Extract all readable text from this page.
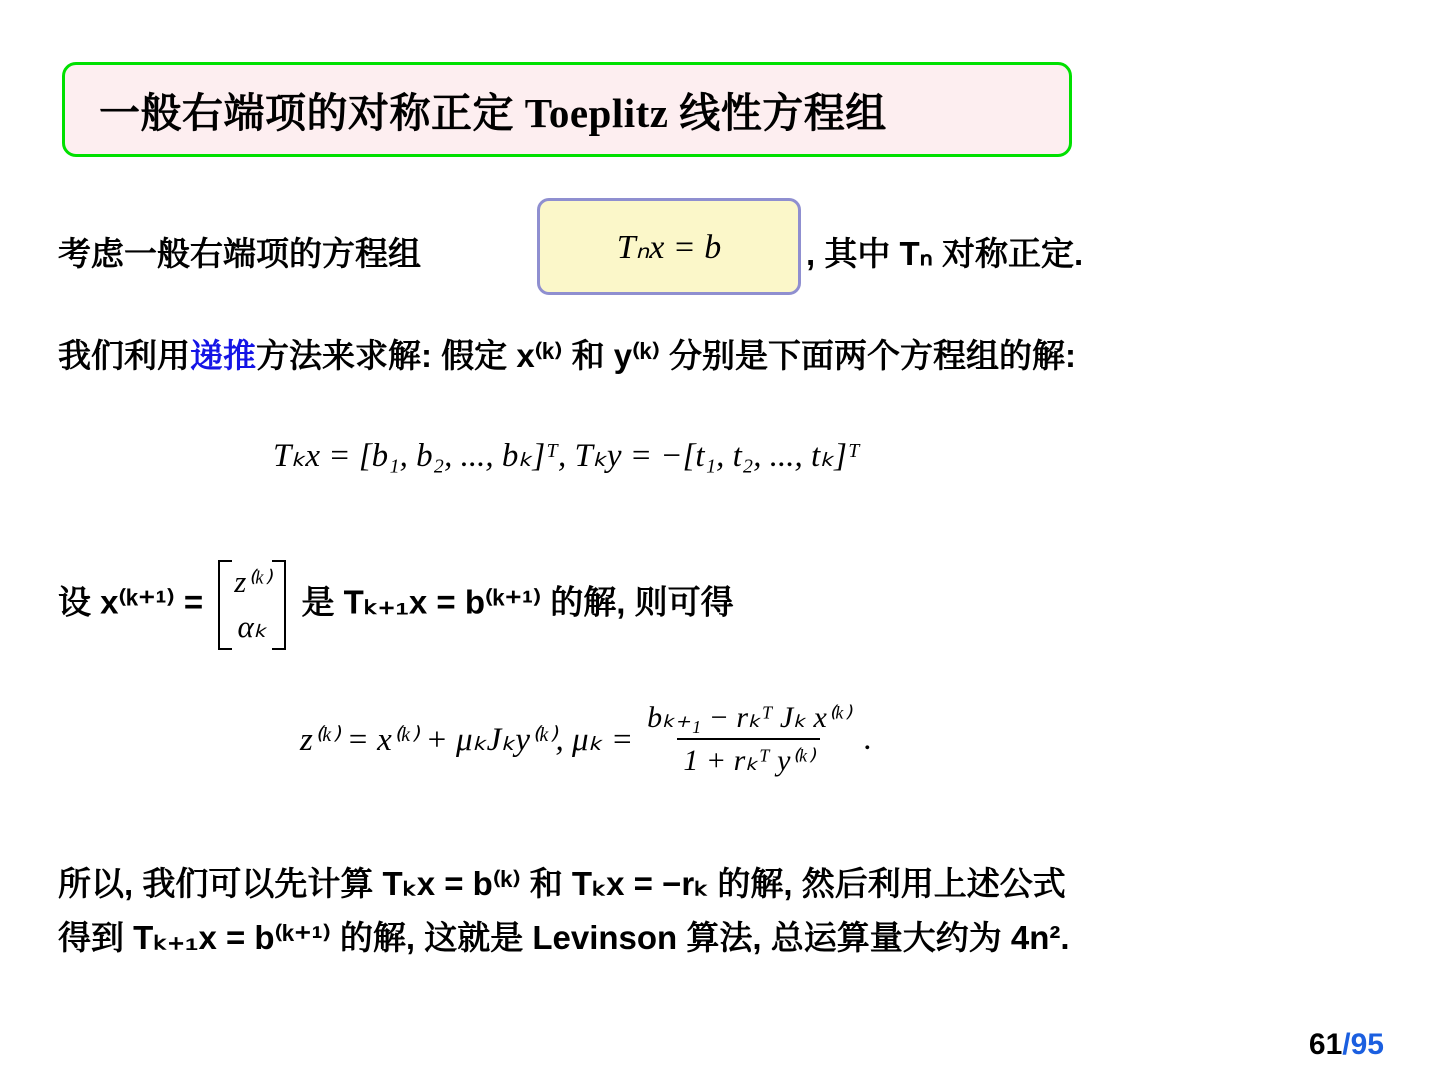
一般右端项的对称正定 Toeplitz 线性方程组
考虑一般右端项的方程组	Tₙx = b	, 其中 Tₙ 对称正定.
我们利用递推方法来求解: 假定 x⁽ᵏ⁾ 和 y⁽ᵏ⁾ 分别是下面两个方程组的解:
Tₖx = [b₁, b₂, ..., bₖ]ᵀ, Tₖy = −[t₁, t₂, ..., tₖ]ᵀ
设 x⁽ᵏ⁺¹⁾ =
z⁽ᵏ⁾
αₖ
是 Tₖ₊₁x = b⁽ᵏ⁺¹⁾ 的解, 则可得
z⁽ᵏ⁾ = x⁽ᵏ⁾ + μₖJₖy⁽ᵏ⁾, $\mu_k = \frac{\text{bₖ₊₁ − rₖᵀ Jₖ x⁽ᵏ⁾}}{\text{1 + rₖᵀ y⁽ᵏ⁾}}$ .
所以, 我们可以先计算 Tₖx = b⁽ᵏ⁾ 和 Tₖx = −rₖ 的解, 然后利用上述公式
得到 Tₖ₊₁x = b⁽ᵏ⁺¹⁾ 的解, 这就是 Levinson 算法, 总运算量大约为 4n².
61/95
